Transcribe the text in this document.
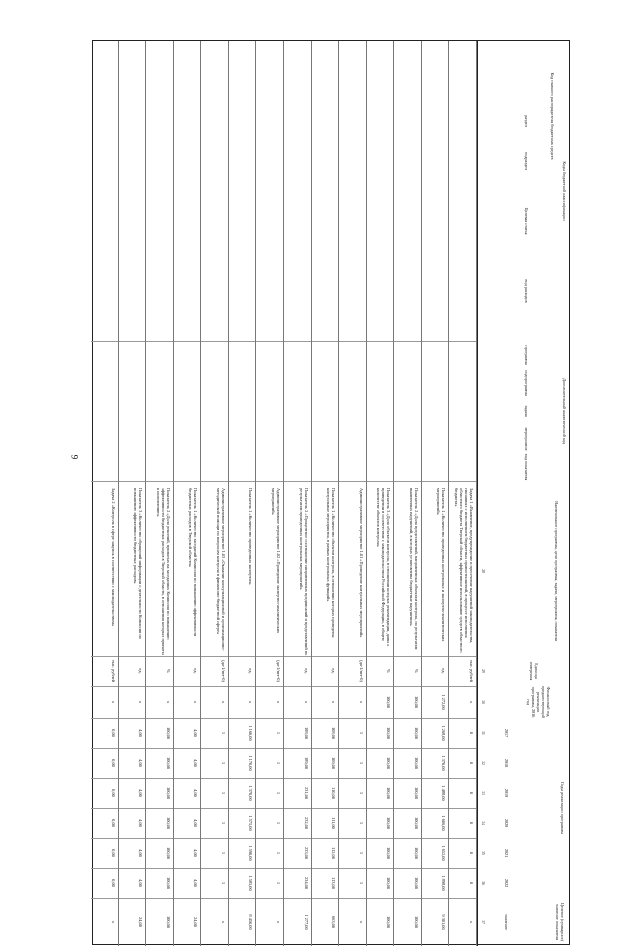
9
Коды бюджетной классификации
Код главного распорядителя бюджетных средств
раздел
подраздел
Целевая статья
вид расходов
Дополнительный аналитический код
программа
подпрограмма
задача
мероприятие
вид показателя
Наименование программы, цели программы, задачи, мероприятия, показателя
Единица измерения
Финансовый год, предшествующий реализации программы, 2016 год
Годы реализации программы
2017
2018
2019
2020
2021
2022
Целевое (суммарное) значение показателя
значение
28
29
30
31
32
33
34
35
36
37
Задача 1 «Выявление, предупреждение и пресечение нарушений законодательства, связанных с исполнением бюджетных правоотношений, в процессе исполнения областного бюджета Тверской области, эффективное использование средств областного бюджета»
тыс. рублей
х
0
0
0
0
0
0
х
Показатель 1 «Количество проведенных контрольных и экспертно-аналитических мероприятий»
ед.
1 272,00
1 268,00
1 370,00
1 488,00
1 606,00
1 652,00
1 898,00
9 301,00
Показатель 2 «Доля представлений, направленных объектам контроля, по результатам выявленных нарушений, в которых установлены бюджетные нарушения»
%
100,00
100,00
100,00
100,00
100,00
100,00
100,00
100,00
Показатель 3 «Доля объектов контроля, в отношении которых рекомендации, даны о приведении в соответствие с законодательством Российской Федерации, в общем количестве объектов контроля»
%
100,00
100,00
100,00
100,00
100,00
100,00
100,00
100,00
Административное мероприятие 1.01 «Проведение контрольных мероприятий»
(да-1/нет-0)
х
1
1
1
1
1
1
х
Показатель 1 «Количество объектов контроля, в отношении которых проведены контрольные мероприятия, в рамках контрольных функций»
ед.
х
108,00
109,00
110,00
111,00
112,00
113,00
663,00
Показатель 2 «Процентное соотношение направленных предписаний и представлений по результатам проведенных контрольных мероприятий»
ед.
х
188,00
189,00
231,00
232,00
233,00
234,00
1 277,00
Административное мероприятие 1.02 «Проведение экспертно-аналитических мероприятий»
(да-1/нет-0)
х
1
1
1
1
1
1
х
Показатель 1 «Количество проведенных экспертиз»
ед.
х
1 160,00
1 170,00
1 370,00
1 575,00
1 590,00
1 585,00
8 450,00
Административное мероприятие 1.03 «Оказание консультационной и организационно-методической помощи по вопросам контроля в финансово-бюджетной сфере»
(да-1/нет-0)
х
1
1
1
1
1
1
х
Показатель 1 «Количество заседаний Комиссии по повышению эффективности бюджетных расходов в Тверской области»
ед.
х
4,00
4,00
4,00
4,00
4,00
4,00
24,00
Показатель 2 «Доля решений, принятых на заседаниях Комиссии по повышению эффективности бюджетных расходов в Тверской области, в отношении которых приняты к исполнению»
%
х
100,00
100,00
100,00
100,00
100,00
100,00
100,00
Показатель 3 «Количество обращений информации о деятельности Комиссии по повышению эффективности бюджетных расходов»
ед.
х
4,00
4,00
4,00
4,00
4,00
4,00
24,00
Задача 2 «Контроль в сфере закупок в соответствии с законодательством»
тыс. рублей
х
0,00
0,00
0,00
0,00
0,00
0,00
х
